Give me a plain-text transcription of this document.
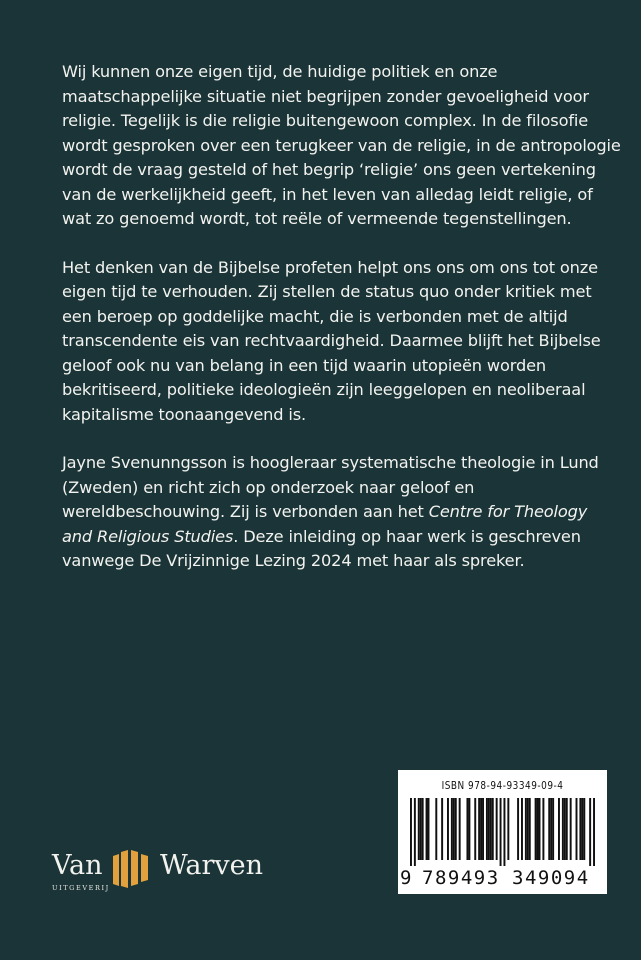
Wij kunnen onze eigen tijd, de huidige politiek en onze maatschappelijke situatie niet begrijpen zonder gevoeligheid voor religie. Tegelijk is die religie buitengewoon complex. In de filosofie wordt gesproken over een terugkeer van de religie, in de antropologie wordt de vraag gesteld of het begrip ‘religie’ ons geen vertekening van de werkelijkheid geeft, in het leven van alledag leidt religie, of wat zo genoemd wordt, tot reële of vermeende tegenstellingen.

Het denken van de Bijbelse profeten helpt ons ons om ons tot onze eigen tijd te verhouden. Zij stellen de status quo onder kritiek met een beroep op goddelijke macht, die is verbonden met de altijd transcendente eis van rechtvaardigheid. Daarmee blijft het Bijbelse geloof ook nu van belang in een tijd waarin utopieën worden bekritiseerd, politieke ideologieën zijn leeggelopen en neoliberaal kapitalisme toonaangevend is.

Jayne Svenunngsson is hoogleraar systematische theologie in Lund (Zweden) en richt zich op onderzoek naar geloof en wereldbeschouwing. Zij is verbonden aan het Centre for Theology and Religious Studies. Deze inleiding op haar werk is geschreven vanwege De Vrijzinnige Lezing 2024 met haar als spreker.

ISBN 978-94-93349-09-4
9 789493 349094
Van Warven
UITGEVERIJ
